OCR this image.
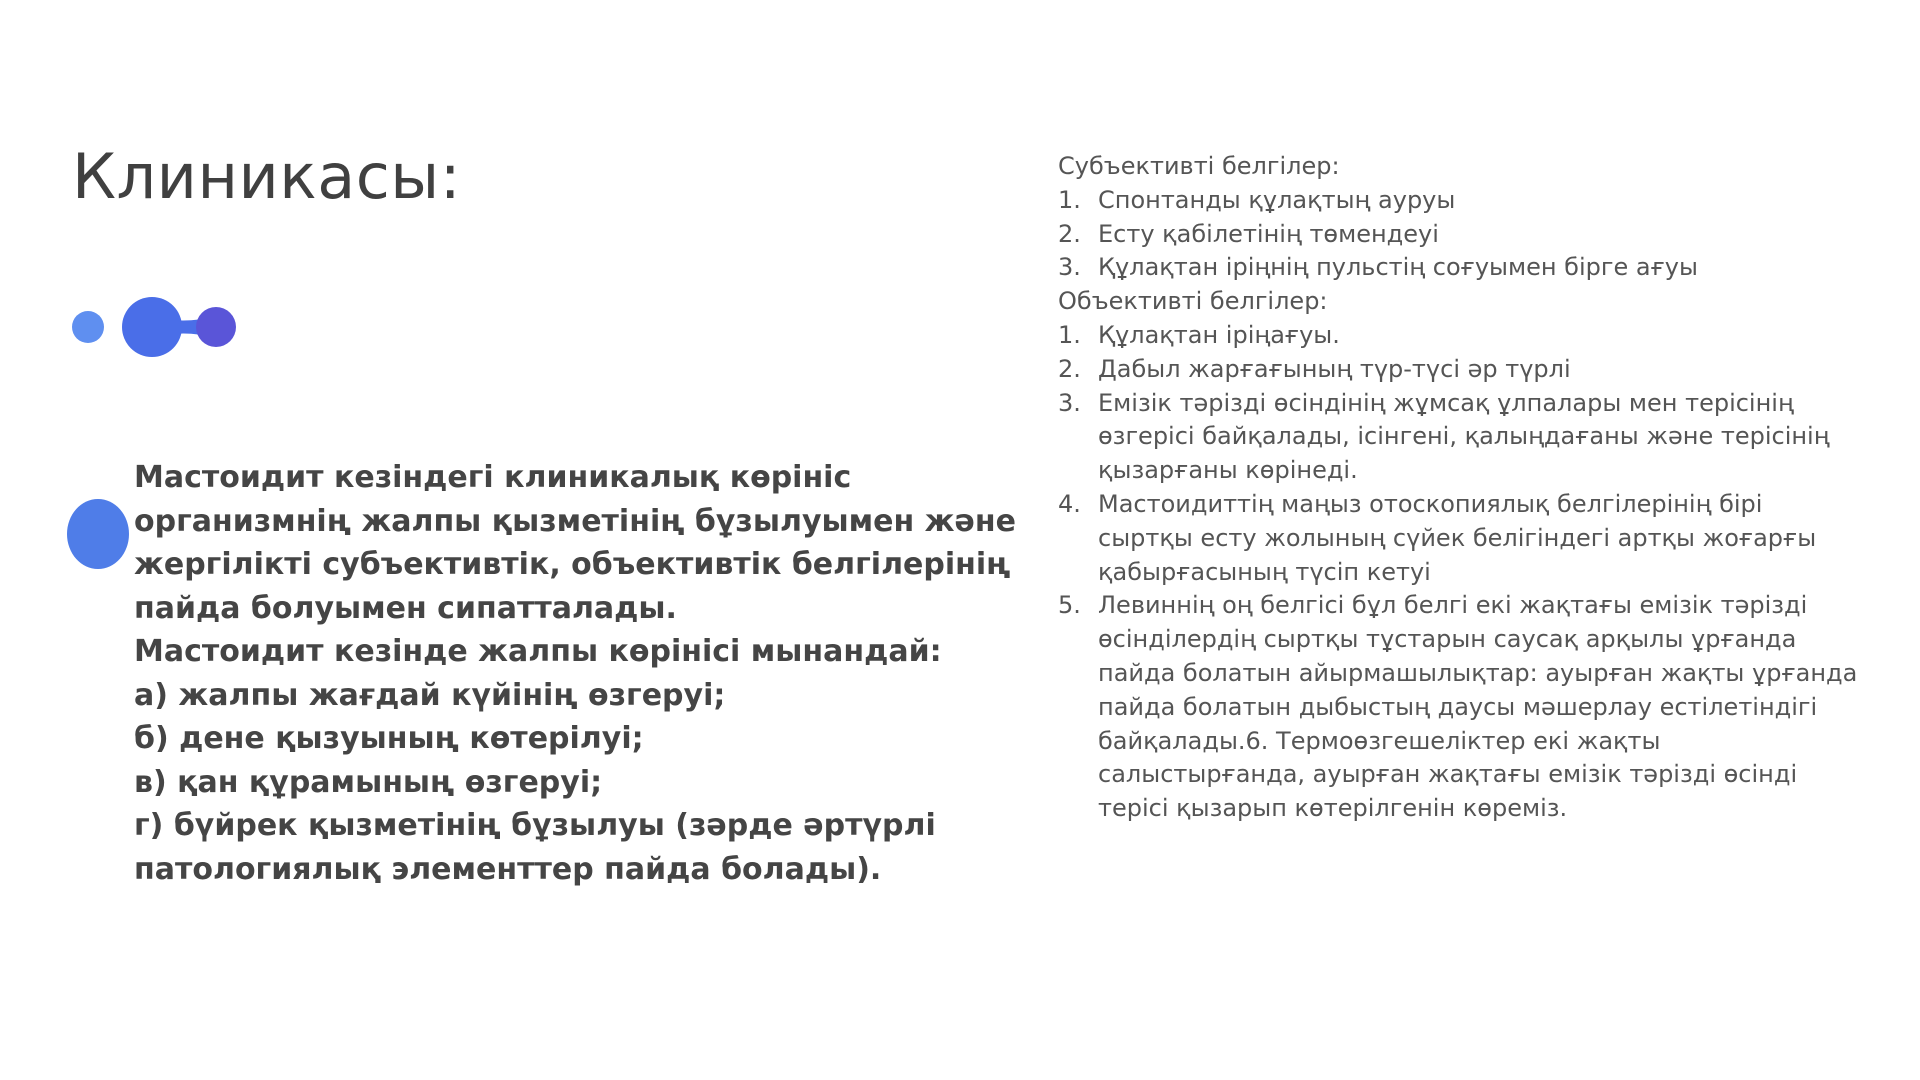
Клиникасы:

Мастоидит кезіндегі клиникалық көрініс организмнің жалпы қызметінің бұзылуымен және жергілікті субъективтік, объективтік белгілерінің пайда болуымен сипатталады.

Мастоидит кезінде жалпы көрінісі мынандай:

а) жалпы жағдай күйінің өзгеруі;

б) дене қызуының көтерілуі;

в) қан құрамының өзгеруі;

г) бүйрек қызметінің бұзылуы (зәрде әртүрлі патологиялық элементтер пайда болады).

Субъективті белгілер:

1. Спонтанды құлақтың ауруы
2. Есту қабілетінің төмендеуі
3. Құлақтан іріңнің пульстің соғуымен бірге ағуы

Объективті белгілер:

1. Құлақтан іріңағуы.
2. Дабыл жарғағының түр-түсі әр түрлі
3. Емізік тәрізді өсіндінің жұмсақ ұлпалары мен терісінің өзгерісі байқалады, ісінгені, қалыңдағаны және терісінің қызарғаны көрінеді.
4. Мастоидиттің маңыз отоскопиялық белгілерінің бірі сыртқы есту жолының сүйек белігіндегі артқы жоғарғы қабырғасының түсіп кетуі
5. Левиннің оң белгісі бұл белгі екі жақтағы емізік тәрізді өсінділердің сыртқы тұстарын саусақ арқылы ұрғанда пайда болатын айырмашылықтар: ауырған жақты ұрғанда пайда болатын дыбыстың даусы мәшерлау естілетіндігі байқалады.6. Термоөзгешеліктер екі жақты салыстырғанда, ауырған жақтағы емізік тәрізді өсінді терісі қызарып көтерілгенін көреміз.
